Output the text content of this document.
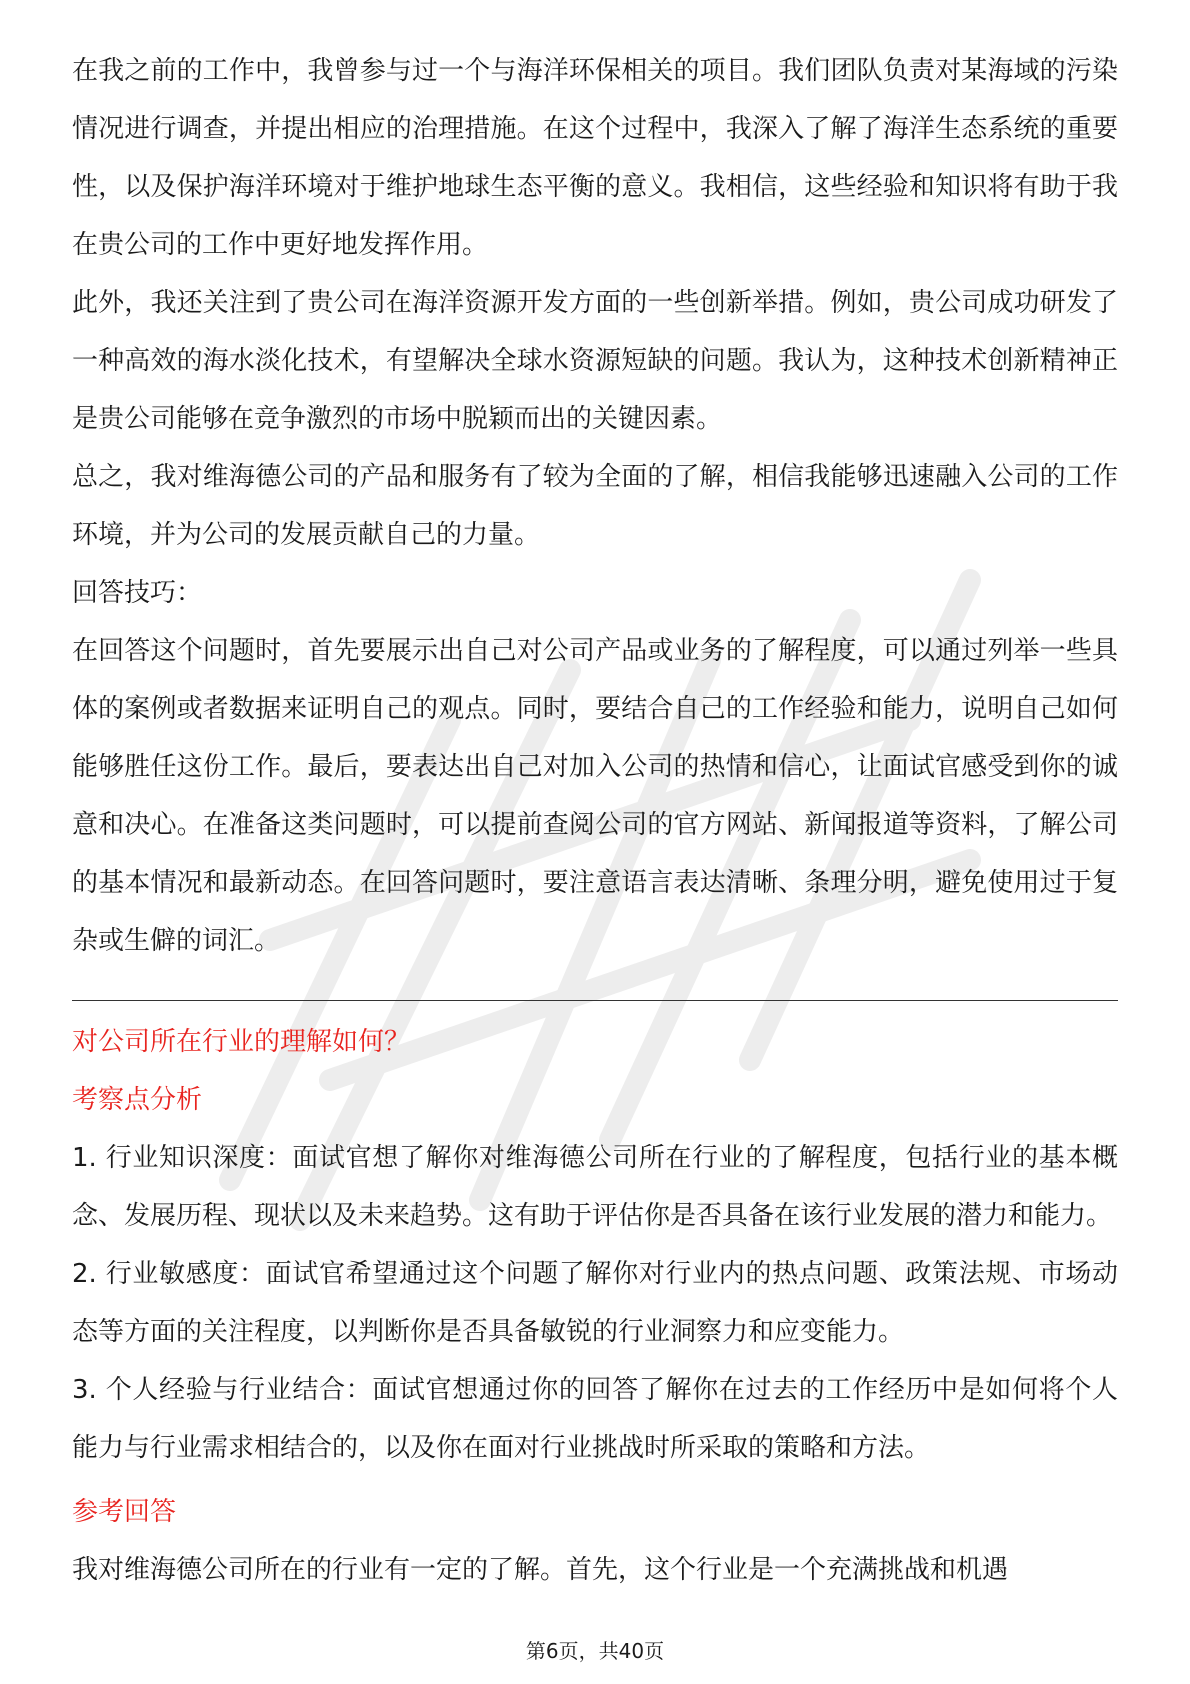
在我之前的工作中，我曾参与过一个与海洋环保相关的项目。我们团队负责对某海域的污染情况进行调查，并提出相应的治理措施。在这个过程中，我深入了解了海洋生态系统的重要性，以及保护海洋环境对于维护地球生态平衡的意义。我相信，这些经验和知识将有助于我在贵公司的工作中更好地发挥作用。

此外，我还关注到了贵公司在海洋资源开发方面的一些创新举措。例如，贵公司成功研发了一种高效的海水淡化技术，有望解决全球水资源短缺的问题。我认为，这种技术创新精神正是贵公司能够在竞争激烈的市场中脱颖而出的关键因素。

总之，我对维海德公司的产品和服务有了较为全面的了解，相信我能够迅速融入公司的工作环境，并为公司的发展贡献自己的力量。

回答技巧：

在回答这个问题时，首先要展示出自己对公司产品或业务的了解程度，可以通过列举一些具体的案例或者数据来证明自己的观点。同时，要结合自己的工作经验和能力，说明自己如何能够胜任这份工作。最后，要表达出自己对加入公司的热情和信心，让面试官感受到你的诚意和决心。在准备这类问题时，可以提前查阅公司的官方网站、新闻报道等资料，了解公司的基本情况和最新动态。在回答问题时，要注意语言表达清晰、条理分明，避免使用过于复杂或生僻的词汇。

对公司所在行业的理解如何？

考察点分析

1. 行业知识深度：面试官想了解你对维海德公司所在行业的了解程度，包括行业的基本概念、发展历程、现状以及未来趋势。这有助于评估你是否具备在该行业发展的潜力和能力。

2. 行业敏感度：面试官希望通过这个问题了解你对行业内的热点问题、政策法规、市场动态等方面的关注程度，以判断你是否具备敏锐的行业洞察力和应变能力。

3. 个人经验与行业结合：面试官想通过你的回答了解你在过去的工作经历中是如何将个人能力与行业需求相结合的，以及你在面对行业挑战时所采取的策略和方法。

参考回答

我对维海德公司所在的行业有一定的了解。首先，这个行业是一个充满挑战和机遇

第6页，共40页
